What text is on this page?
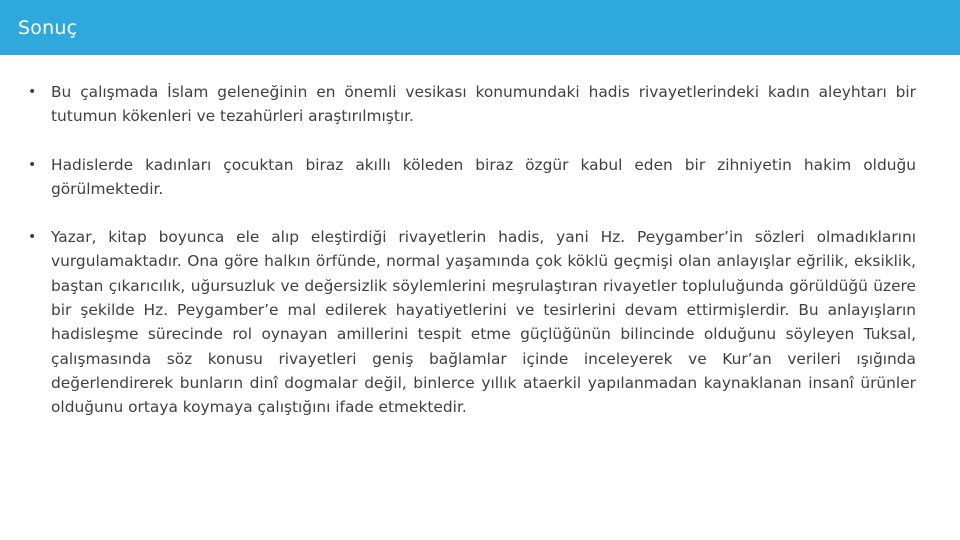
Sonuç
• Bu çalışmada İslam geleneğinin en önemli vesikası konumundaki hadis rivayetlerindeki kadın aleyhtarı bir tutumun kökenleri ve tezahürleri araştırılmıştır.
• Hadislerde kadınları çocuktan biraz akıllı köleden biraz özgür kabul eden bir zihniyetin hakim olduğu görülmektedir.
• Yazar, kitap boyunca ele alıp eleştirdiği rivayetlerin hadis, yani Hz. Peygamber’in sözleri olmadıklarını vurgulamaktadır. Ona göre halkın örfünde, normal yaşamında çok köklü geçmişi olan anlayışlar eğrilik, eksiklik, baştan çıkarıcılık, uğursuzluk ve değersizlik söylemlerini meşrulaştıran rivayetler topluluğunda görüldüğü üzere bir şekilde Hz. Peygamber’e mal edilerek hayatiyetlerini ve tesirlerini devam ettirmişlerdir. Bu anlayışların hadisleşme sürecinde rol oynayan amillerini tespit etme güçlüğünün bilincinde olduğunu söyleyen Tuksal, çalışmasında söz konusu rivayetleri geniş bağlamlar içinde inceleyerek ve Kur’an verileri ışığında değerlendirerek bunların dinî dogmalar değil, binlerce yıllık ataerkil yapılanmadan kaynaklanan insanî ürünler olduğunu ortaya koymaya çalıştığını ifade etmektedir.
